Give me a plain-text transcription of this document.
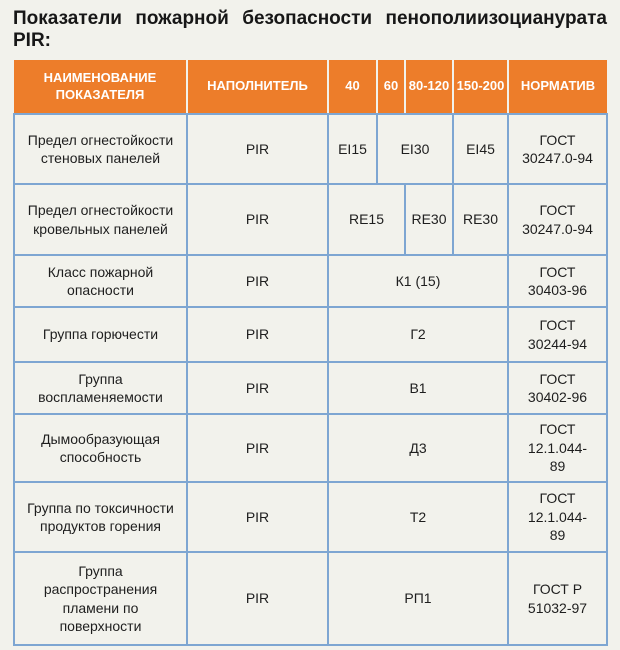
Показатели пожарной безопасности пенополиизоцианурата
PIR:
НАИМЕНОВАНИЕ ПОКАЗАТЕЛЯ	НАПОЛНИТЕЛЬ	40	60	80-120	150-200	НОРМАТИВ
Предел огнестойкости стеновых панелей	PIR	EI15	EI30		EI45	ГОСТ 30247.0-94
Предел огнестойкости кровельных панелей	PIR	RE15		RE30	RE30	ГОСТ 30247.0-94
Класс пожарной опасности	PIR	К1 (15)				ГОСТ 30403-96
Группа горючести	PIR	Г2				ГОСТ 30244-94
Группа воспламеняемости	PIR	В1				ГОСТ 30402-96
Дымообразующая способность	PIR	Д3				ГОСТ 12.1.044-89
Группа по токсичности продуктов горения	PIR	Т2				ГОСТ 12.1.044-89
Группа распространения пламени по поверхности	PIR	РП1				ГОСТ Р 51032-97
